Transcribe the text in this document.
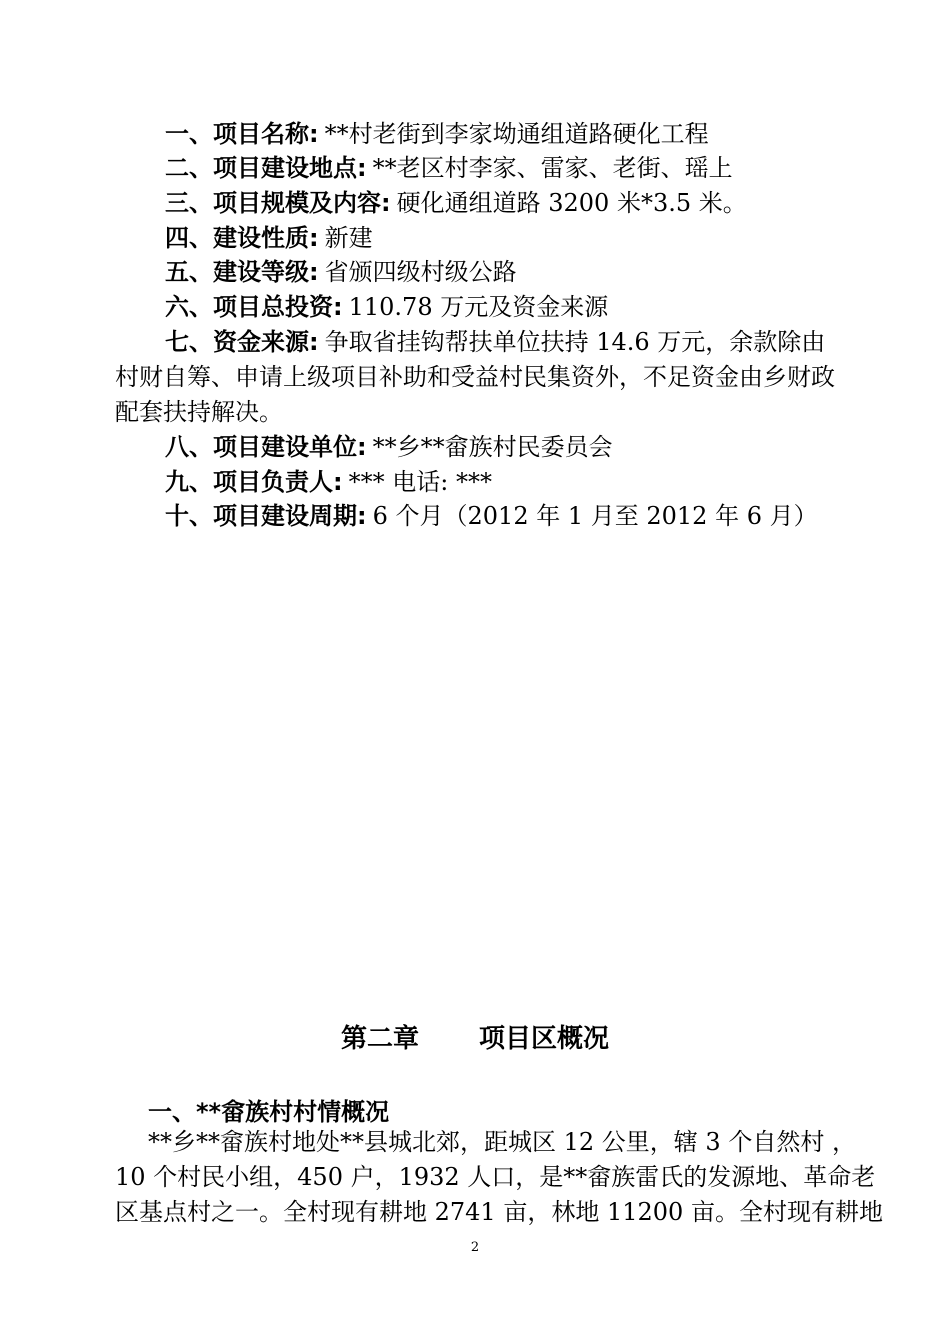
一、项目名称: **村老街到李家坳通组道路硬化工程
二、项目建设地点: **老区村李家、雷家、老街、瑶上
三、项目规模及内容: 硬化通组道路 3200 米*3.5 米。
四、建设性质: 新建
五、建设等级: 省颁四级村级公路
六、项目总投资: 110.78 万元及资金来源
七、资金来源: 争取省挂钩帮扶单位扶持 14.6 万元，余款除由
村财自筹、申请上级项目补助和受益村民集资外，不足资金由乡财政
配套扶持解决。
八、项目建设单位: **乡**畲族村民委员会
九、项目负责人: *** 电话: ***
十、项目建设周期: 6 个月（2012 年 1 月至 2012 年 6 月）
第二章 项目区概况
一、**畲族村村情概况
**乡**畲族村地处**县城北郊，距城区 12 公里，辖 3 个自然村 ，
10 个村民小组，450 户，1932 人口，是**畲族雷氏的发源地、革命老
区基点村之一。全村现有耕地 2741 亩，林地 11200 亩。全村现有耕地
2
